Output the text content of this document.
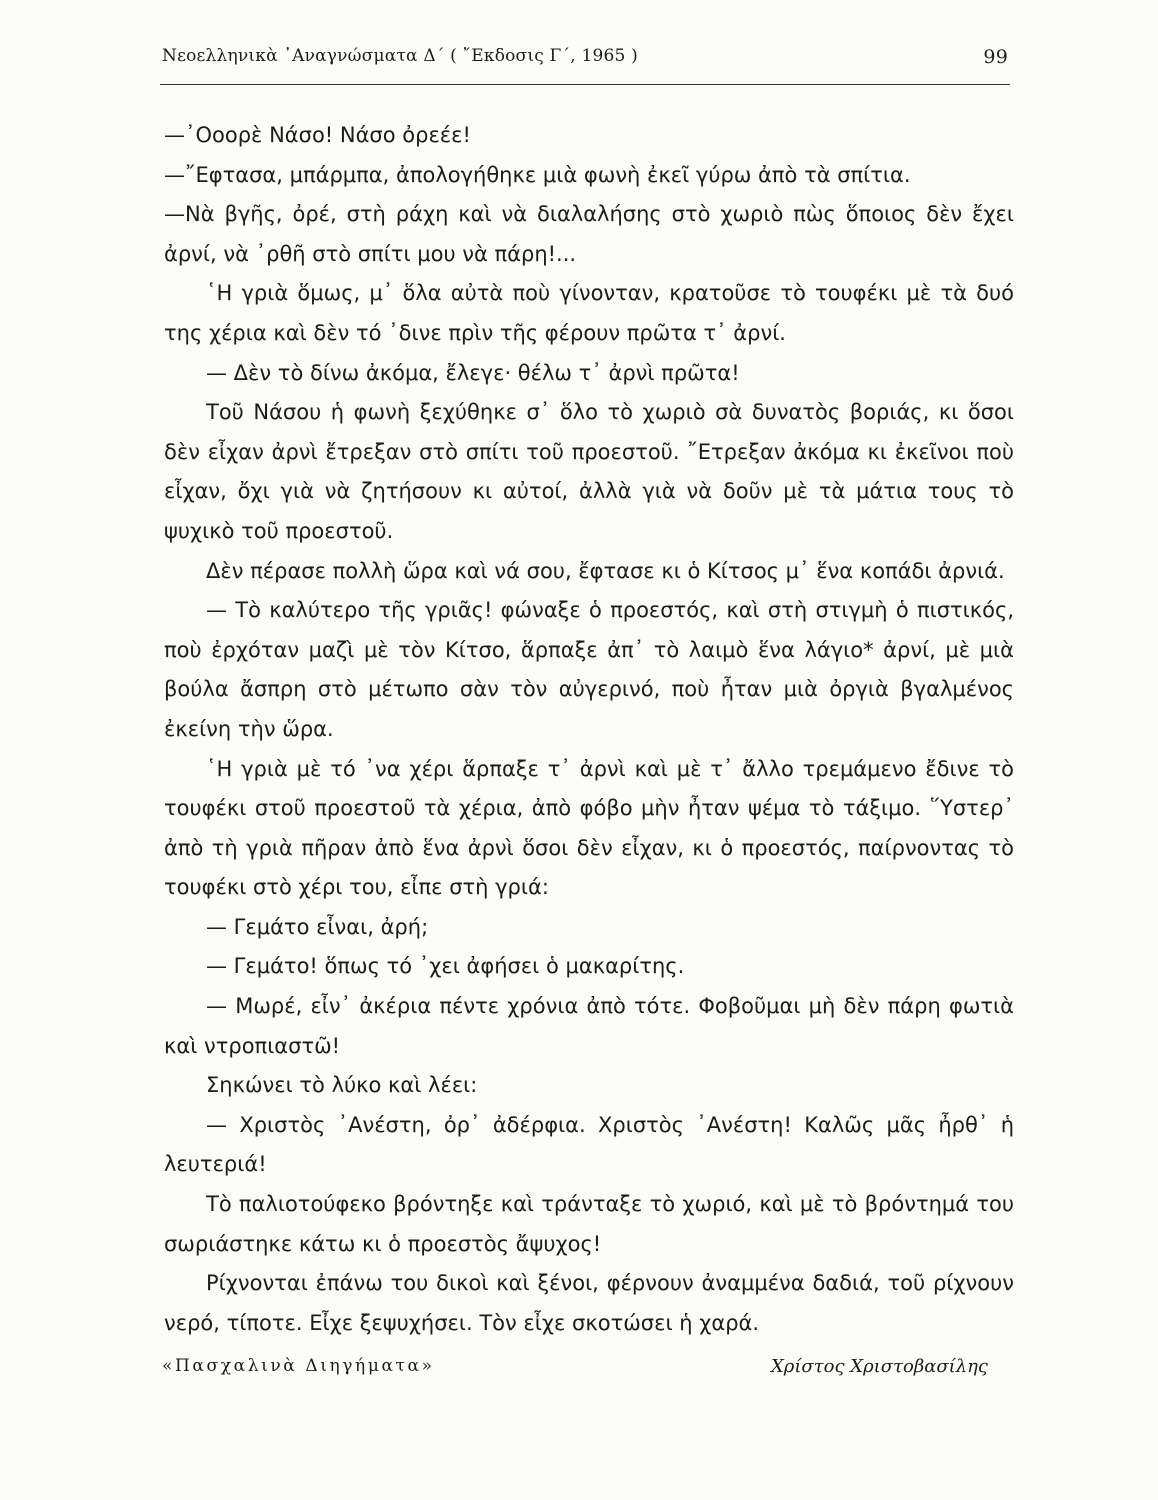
Νεοελληνικὰ ᾿Αναγνώσματα Δ´ ( ῎Εκδοσις Γ´, 1965 )	99

—᾿Οοορὲ Νάσο! Νάσο ὀρεέε!

—῎Εφτασα, μπάρμπα, ἀπολογήθηκε μιὰ φωνὴ ἐκεῖ γύρω ἀπὸ τὰ σπίτια.

—Νὰ βγῆς, ὀρέ, στὴ ράχη καὶ νὰ διαλαλήσης στὸ χωριὸ πὼς ὅποιος δὲν ἔχει ἀρνί, νὰ ᾿ρθῆ στὸ σπίτι μου νὰ πάρη!...

῾Η γριὰ ὅμως, μ᾿ ὅλα αὐτὰ ποὺ γίνονταν, κρατοῦσε τὸ τουφέκι μὲ τὰ δυό της χέρια καὶ δὲν τό ᾿δινε πρὶν τῆς φέρουν πρῶτα τ᾿ ἀρνί.

— Δὲν τὸ δίνω ἀκόμα, ἔλεγε· θέλω τ᾿ ἀρνὶ πρῶτα!

Τοῦ Νάσου ἡ φωνὴ ξεχύθηκε σ᾿ ὅλο τὸ χωριὸ σὰ δυνατὸς βοριάς, κι ὅσοι δὲν εἶχαν ἀρνὶ ἔτρεξαν στὸ σπίτι τοῦ προεστοῦ. ῎Ετρεξαν ἀκόμα κι ἐκεῖνοι ποὺ εἶχαν, ὄχι γιὰ νὰ ζητήσουν κι αὐτοί, ἀλλὰ γιὰ νὰ δοῦν μὲ τὰ μάτια τους τὸ ψυχικὸ τοῦ προεστοῦ.

Δὲν πέρασε πολλὴ ὥρα καὶ νά σου, ἔφτασε κι ὁ Κίτσος μ᾿ ἕνα κοπάδι ἀρνιά.

— Τὸ καλύτερο τῆς γριᾶς! φώναξε ὁ προεστός, καὶ στὴ στιγμὴ ὁ πιστικός, ποὺ ἐρχόταν μαζὶ μὲ τὸν Κίτσο, ἅρπαξε ἀπ᾿ τὸ λαιμὸ ἕνα λάγιο* ἀρνί, μὲ μιὰ βούλα ἄσπρη στὸ μέτωπο σὰν τὸν αὐγερινό, ποὺ ἦταν μιὰ ὀργιὰ βγαλμένος ἐκείνη τὴν ὥρα.

῾Η γριὰ μὲ τό ᾿να χέρι ἅρπαξε τ᾿ ἀρνὶ καὶ μὲ τ᾿ ἄλλο τρεμάμενο ἔδινε τὸ τουφέκι στοῦ προεστοῦ τὰ χέρια, ἀπὸ φόβο μὴν ἦταν ψέμα τὸ τάξιμο. ῞Υστερ᾿ ἀπὸ τὴ γριὰ πῆραν ἀπὸ ἕνα ἀρνὶ ὅσοι δὲν εἶχαν, κι ὁ προεστός, παίρνοντας τὸ τουφέκι στὸ χέρι του, εἶπε στὴ γριά:

— Γεμάτο εἶναι, ἀρή;

— Γεμάτο! ὅπως τό ᾿χει ἀφήσει ὁ μακαρίτης.

— Μωρέ, εἶν᾿ ἀκέρια πέντε χρόνια ἀπὸ τότε. Φοβοῦμαι μὴ δὲν πάρη φωτιὰ καὶ ντροπιαστῶ!

Σηκώνει τὸ λύκο καὶ λέει:

— Χριστὸς ᾿Ανέστη, ὀρ᾿ ἀδέρφια. Χριστὸς ᾿Ανέστη! Καλῶς μᾶς ἦρθ᾿ ἡ λευτεριά!

Τὸ παλιοτούφεκο βρόντηξε καὶ τράνταξε τὸ χωριό, καὶ μὲ τὸ βρόντημά του σωριάστηκε κάτω κι ὁ προεστὸς ἄψυχος!

Ρίχνονται ἐπάνω του δικοὶ καὶ ξένοι, φέρνουν ἀναμμένα δαδιά, τοῦ ρίχνουν νερό, τίποτε. Εἶχε ξεψυχήσει. Τὸν εἶχε σκοτώσει ἡ χαρά.

«Πασχαλινὰ Διηγήματα»	Χρίστος Χριστοβασίλης
